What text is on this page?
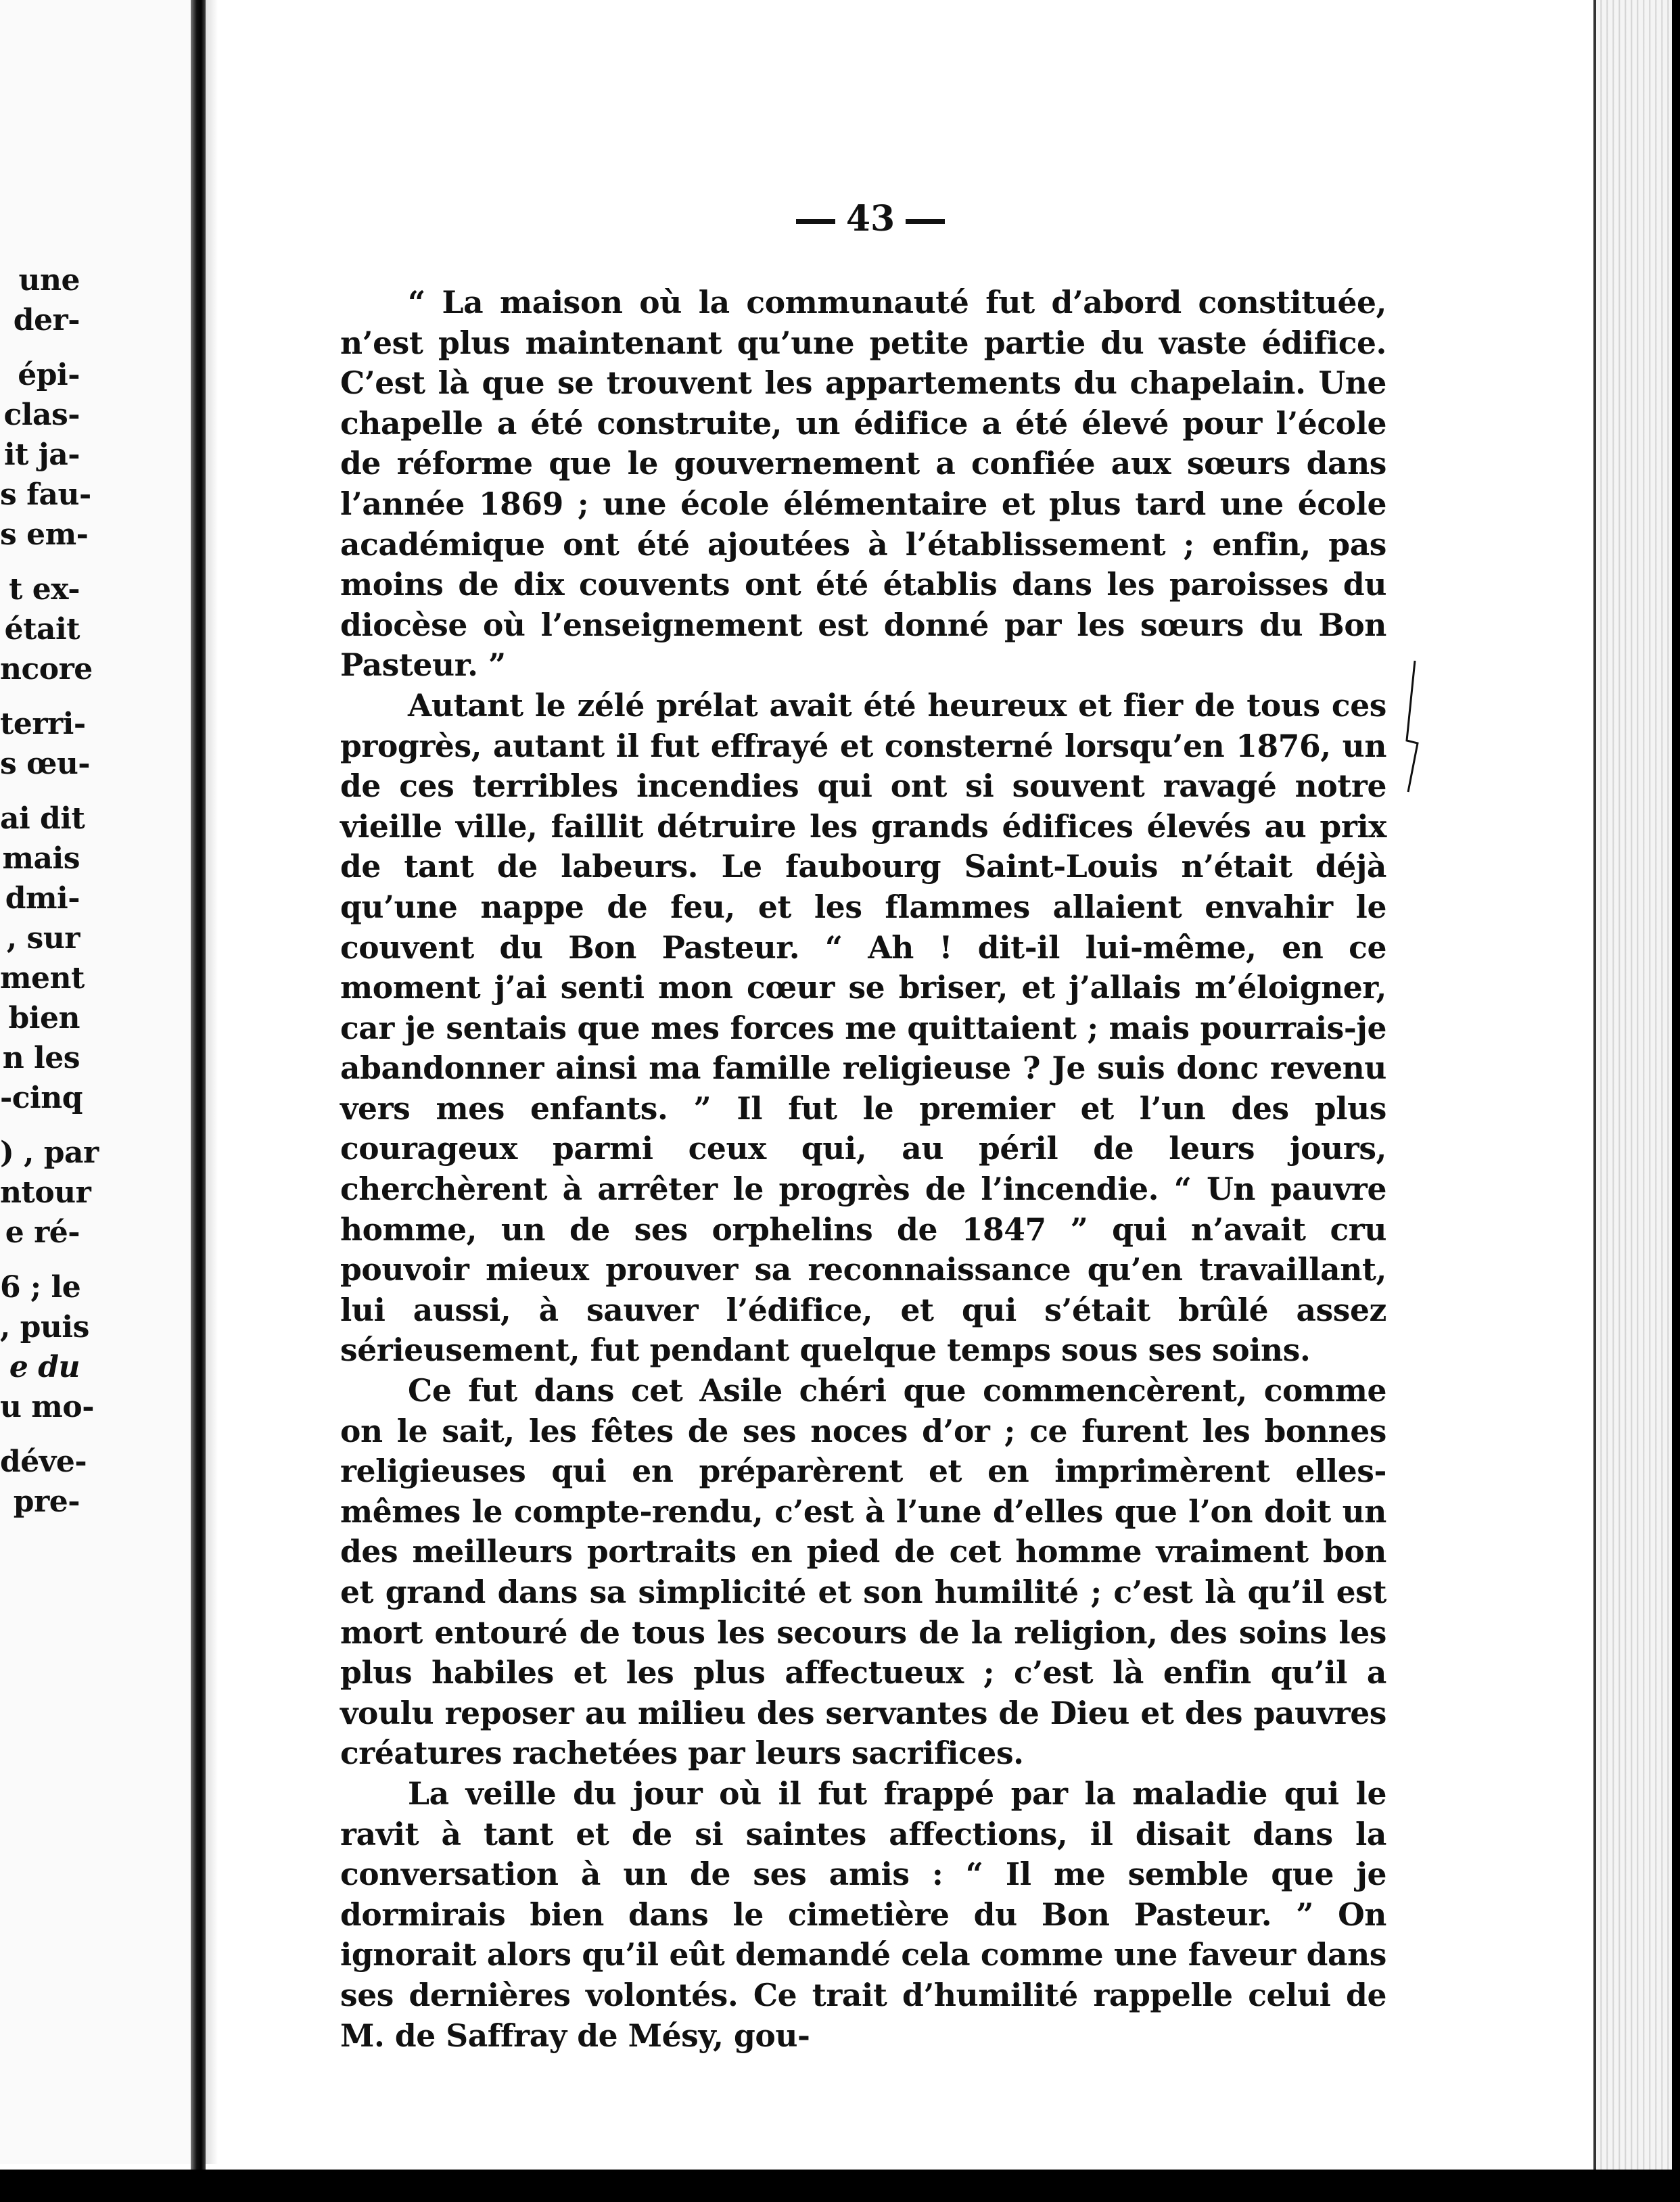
une
der-
épi-
clas-
it ja-
s fau-
s em-
t ex-
était
ncore
terri-
s œu-
ai dit
mais
dmi-
, sur
ment
bien
n les
-cinq
) , par
ntour
e ré-
6 ; le
, puis
e du
u mo-
déve-
pre-
43

“ La maison où la communauté fut d’abord constituée, n’est plus maintenant qu’une petite partie du vaste édifice. C’est là que se trouvent les appartements du chapelain. Une chapelle a été construite, un édifice a été élevé pour l’école de réforme que le gouvernement a confiée aux sœurs dans l’année 1869 ; une école élémentaire et plus tard une école académique ont été ajoutées à l’établissement ; enfin, pas moins de dix couvents ont été établis dans les paroisses du diocèse où l’enseignement est donné par les sœurs du Bon Pasteur. ”

Autant le zélé prélat avait été heureux et fier de tous ces progrès, autant il fut effrayé et consterné lorsqu’en 1876, un de ces terribles incendies qui ont si souvent ravagé notre vieille ville, faillit détruire les grands édifices élevés au prix de tant de labeurs. Le faubourg Saint-Louis n’était déjà qu’une nappe de feu, et les flammes allaient envahir le couvent du Bon Pasteur. “ Ah ! dit-il lui-même, en ce moment j’ai senti mon cœur se briser, et j’allais m’éloigner, car je sentais que mes forces me quittaient ; mais pourrais-je abandonner ainsi ma famille religieuse ? Je suis donc revenu vers mes enfants. ” Il fut le premier et l’un des plus courageux parmi ceux qui, au péril de leurs jours, cherchèrent à arrêter le progrès de l’incendie. “ Un pauvre homme, un de ses orphelins de 1847 ” qui n’avait cru pouvoir mieux prouver sa reconnaissance qu’en travaillant, lui aussi, à sauver l’édifice, et qui s’était brûlé assez sérieusement, fut pendant quelque temps sous ses soins.

Ce fut dans cet Asile chéri que commencèrent, comme on le sait, les fêtes de ses noces d’or ; ce furent les bonnes religieuses qui en préparèrent et en imprimèrent elles-mêmes le compte-rendu, c’est à l’une d’elles que l’on doit un des meilleurs portraits en pied de cet homme vraiment bon et grand dans sa simplicité et son humilité ; c’est là qu’il est mort entouré de tous les secours de la religion, des soins les plus habiles et les plus affectueux ; c’est là enfin qu’il a voulu reposer au milieu des servantes de Dieu et des pauvres créatures rachetées par leurs sacrifices.

La veille du jour où il fut frappé par la maladie qui le ravit à tant et de si saintes affections, il disait dans la conversation à un de ses amis : “ Il me semble que je dormirais bien dans le cimetière du Bon Pasteur. ” On ignorait alors qu’il eût demandé cela comme une faveur dans ses dernières volontés. Ce trait d’humilité rappelle celui de M. de Saffray de Mésy, gou-
